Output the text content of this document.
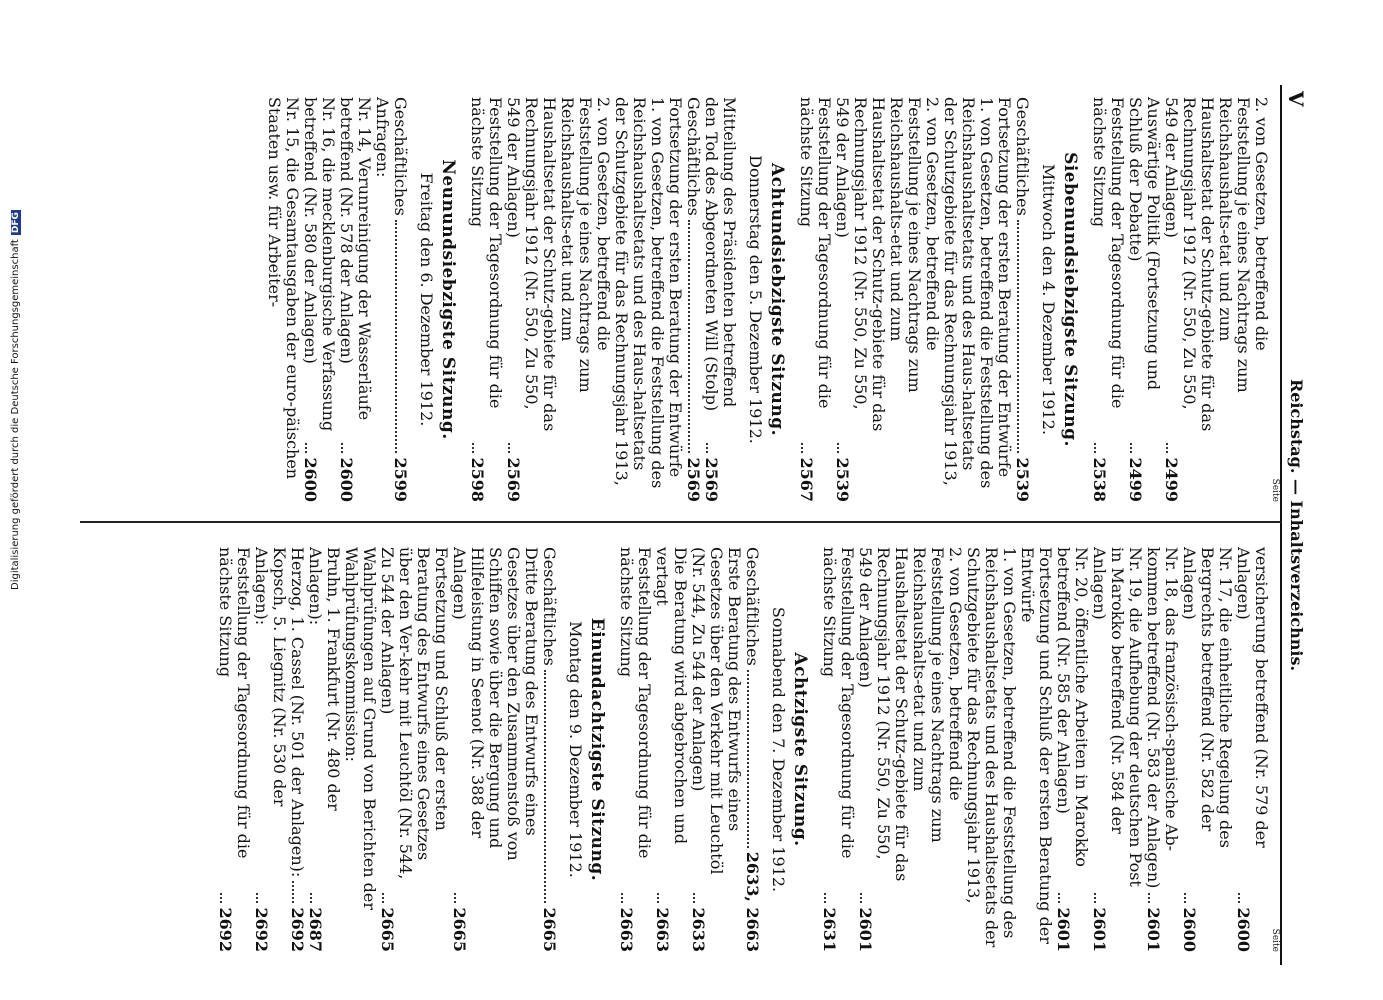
V
Reichstag. — Inhaltsverzeichnis.
Seite
2. von Gesetzen, betreffend die Feststellung je eines Nachtrags zum Reichshaushalts-etat und zum Haushaltsetat der Schutz-gebiete für das Rechnungsjahr 1912 (Nr. 550, Zu 550, 549 der Anlagen)
2499
Auswärtige Politik (Fortsetzung und Schluß der Debatte)
2499
Feststellung der Tagesordnung für die nächste Sitzung
2538
Siebenundsiebzigste Sitzung.
Mittwoch den 4. Dezember 1912.
Geschäftliches
2539
Fortsetzung der ersten Beratung der Entwürfe
1. von Gesetzen, betreffend die Feststellung des Reichshaushaltsetats und des Haus-haltsetats der Schutzgebiete für das Rechnungsjahr 1913,
2. von Gesetzen, betreffend die Feststellung je eines Nachtrags zum Reichshaushalts-etat und zum Haushaltsetat der Schutz-gebiete für das Rechnungsjahr 1912 (Nr. 550, Zu 550, 549 der Anlagen)
2539
Feststellung der Tagesordnung für die nächste Sitzung
2567
Achtundsiebzigste Sitzung.
Donnerstag den 5. Dezember 1912.
Mitteilung des Präsidenten betreffend den Tod des Abgeordneten Will (Stolp)
2569
Geschäftliches
2569
Fortsetzung der ersten Beratung der Entwürfe
1. von Gesetzen, betreffend die Feststellung des Reichshaushaltsetats und des Haus-haltsetats der Schutzgebiete für das Rechnungsjahr 1913,
2. von Gesetzen, betreffend die Feststellung je eines Nachtrags zum Reichshaushalts-etat und zum Haushaltsetat der Schutz-gebiete für das Rechnungsjahr 1912 (Nr. 550, Zu 550, 549 der Anlagen)
2569
Feststellung der Tagesordnung für die nächste Sitzung
2598
Neunundsiebzigste Sitzung.
Freitag den 6. Dezember 1912.
Geschäftliches
2599
Anfragen:
Nr. 14, Verunreinigung der Wasserläufe betreffend (Nr. 578 der Anlagen)
2600
Nr. 16, die mecklenburgische Verfassung betreffend (Nr. 580 der Anlagen)
2600
Nr. 15, die Gesamtausgaben der euro-päischen Staaten usw. für Arbeiter-
Seite
versicherung betreffend (Nr. 579 der Anlagen)
2600
Nr. 17, die einheitliche Regelung des Bergrechts betreffend (Nr. 582 der Anlagen)
2600
Nr. 18, das französisch-spanische Ab-kommen betreffend (Nr. 583 der Anlagen)
2601
Nr. 19, die Aufhebung der deutschen Post in Marokko betreffend (Nr. 584 der Anlagen)
2601
Nr. 20, öffentliche Arbeiten in Marokko betreffend (Nr. 585 der Anlagen)
2601
Fortsetzung und Schluß der ersten Beratung der Entwürfe
1. von Gesetzen, betreffend die Feststellung des Reichshaushaltsetats und des Haushaltsetats der Schutzgebiete für das Rechnungsjahr 1913,
2. von Gesetzen, betreffend die Feststellung je eines Nachtrags zum Reichshaushalts-etat und zum Haushaltsetat der Schutz-gebiete für das Rechnungsjahr 1912 (Nr. 550, Zu 550, 549 der Anlagen)
2601
Feststellung der Tagesordnung für die nächste Sitzung
2631
Achtzigste Sitzung.
Sonnabend den 7. Dezember 1912.
Geschäftliches
2633, 2663
Erste Beratung des Entwurfs eines Gesetzes über den Verkehr mit Leuchtöl (Nr. 544, Zu 544 der Anlagen)
2633
Die Beratung wird abgebrochen und vertagt
2663
Feststellung der Tagesordnung für die nächste Sitzung
2663
Einundachtzigste Sitzung.
Montag den 9. Dezember 1912.
Geschäftliches
2665
Dritte Beratung des Entwurfs eines Gesetzes über den Zusammenstoß von Schiffen sowie über die Bergung und Hilfeleistung in Seenot (Nr. 388 der Anlagen)
2665
Fortsetzung und Schluß der ersten Beratung des Entwurfs eines Gesetzes über den Ver-kehr mit Leuchtöl (Nr. 544, Zu 544 der Anlagen)
2665
Wahlprüfungen auf Grund von Berichten der Wahlprüfungskommission:
Bruhn, 1. Frankfurt (Nr. 480 der Anlagen):
2687
Herzog, 1. Cassel (Nr. 501 der Anlagen):
2692
Kopsch, 5. Liegnitz (Nr. 530 der Anlagen):
2692
Feststellung der Tagesordnung für die nächste Sitzung
2692
Digitalisierung gefördert durch die Deutsche ForschungsgemeinschaftDFG
